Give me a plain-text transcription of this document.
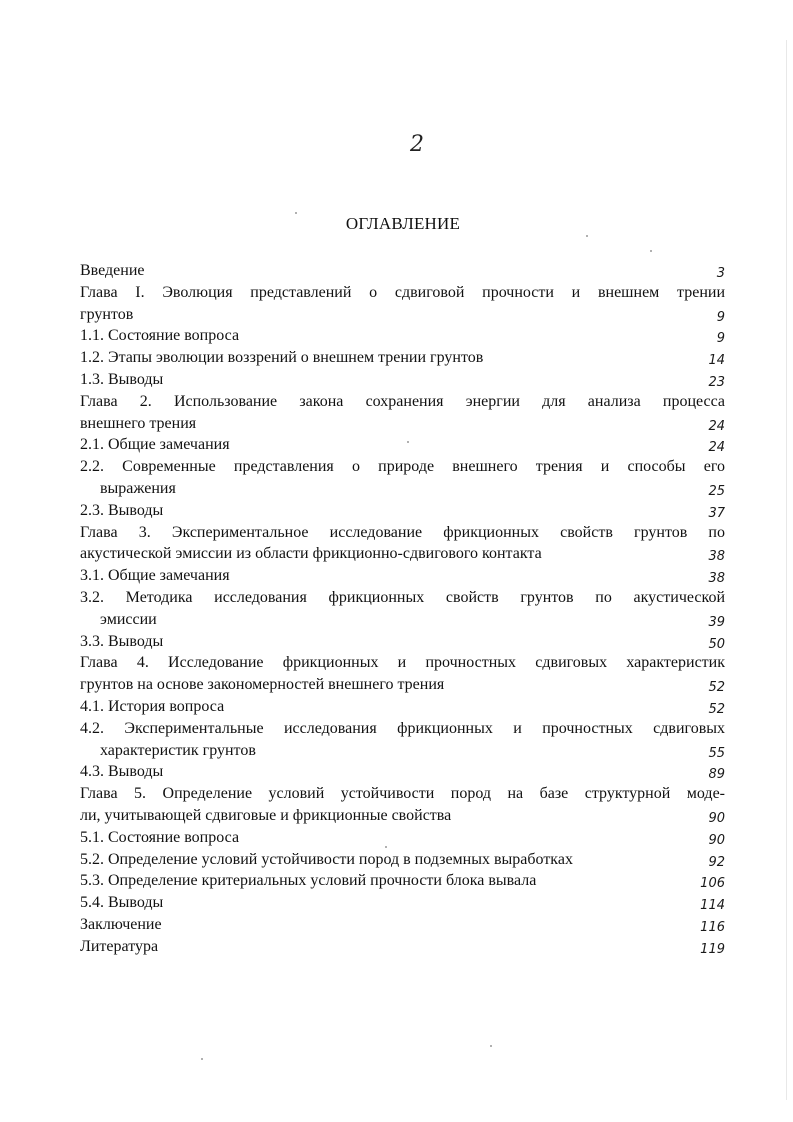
2
ОГЛАВЛЕНИЕ
Введение	3
Глава I. Эволюция представлений о сдвиговой прочности и внешнем трении
грунтов	9
1.1. Состояние вопроса	9
1.2. Этапы эволюции воззрений о внешнем трении грунтов	14
1.3. Выводы	23
Глава 2. Использование закона сохранения энергии для анализа процесса
внешнего трения	24
2.1. Общие замечания	24
2.2. Современные представления о природе внешнего трения и способы его
выражения	25
2.3. Выводы	37
Глава 3. Экспериментальное исследование фрикционных свойств грунтов по
акустической эмиссии из области фрикционно-сдвигового контакта	38
3.1. Общие замечания	38
3.2. Методика исследования фрикционных свойств грунтов по акустической
эмиссии	39
3.3. Выводы	50
Глава 4. Исследование фрикционных и прочностных сдвиговых характеристик
грунтов на основе закономерностей внешнего трения	52
4.1. История вопроса	52
4.2. Экспериментальные исследования фрикционных и прочностных сдвиговых
характеристик грунтов	55
4.3. Выводы	89
Глава 5. Определение условий устойчивости пород на базе структурной моде-
ли, учитывающей сдвиговые и фрикционные свойства	90
5.1. Состояние вопроса	90
5.2. Определение условий устойчивости пород в подземных выработках	92
5.3. Определение критериальных условий прочности блока вывала	106
5.4. Выводы	114
Заключение	116
Литература	119
